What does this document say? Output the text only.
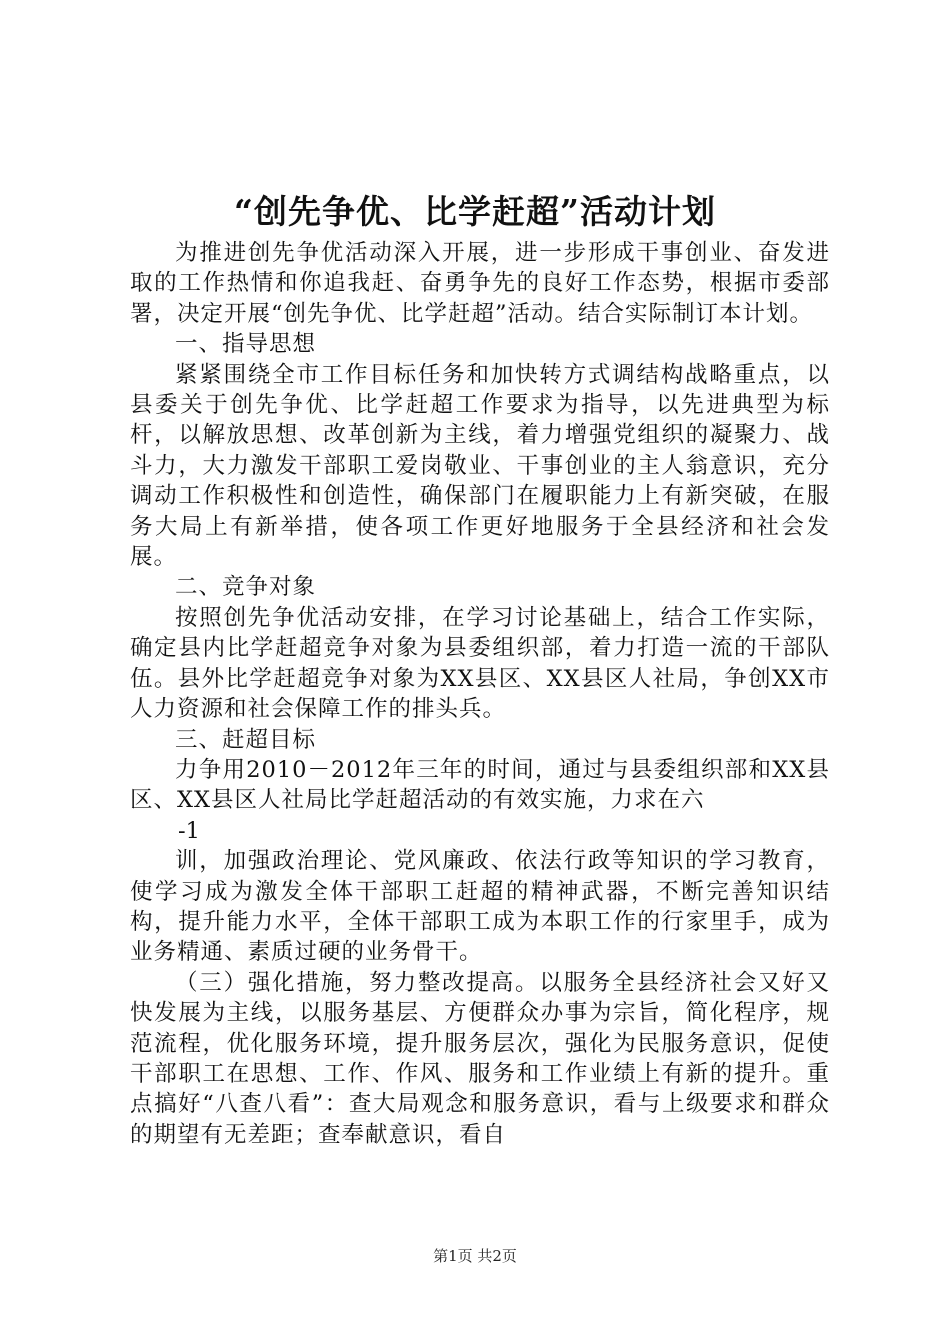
“创先争优、比学赶超”活动计划

为推进创先争优活动深入开展，进一步形成干事创业、奋发进取的工作热情和你追我赶、奋勇争先的良好工作态势，根据市委部署，决定开展“创先争优、比学赶超”活动。结合实际制订本计划。

一、指导思想

紧紧围绕全市工作目标任务和加快转方式调结构战略重点，以县委关于创先争优、比学赶超工作要求为指导，以先进典型为标杆，以解放思想、改革创新为主线，着力增强党组织的凝聚力、战斗力，大力激发干部职工爱岗敬业、干事创业的主人翁意识，充分调动工作积极性和创造性，确保部门在履职能力上有新突破，在服务大局上有新举措，使各项工作更好地服务于全县经济和社会发展。

二、竞争对象

按照创先争优活动安排，在学习讨论基础上，结合工作实际，确定县内比学赶超竞争对象为县委组织部，着力打造一流的干部队伍。县外比学赶超竞争对象为XX县区、XX县区人社局，争创XX市人力资源和社会保障工作的排头兵。

三、赶超目标

力争用2010－2012年三年的时间，通过与县委组织部和XX县区、XX县区人社局比学赶超活动的有效实施，力求在六

-1

训，加强政治理论、党风廉政、依法行政等知识的学习教育，使学习成为激发全体干部职工赶超的精神武器，不断完善知识结构，提升能力水平，全体干部职工成为本职工作的行家里手，成为业务精通、素质过硬的业务骨干。

（三）强化措施，努力整改提高。以服务全县经济社会又好又快发展为主线，以服务基层、方便群众办事为宗旨，简化程序，规范流程，优化服务环境，提升服务层次，强化为民服务意识，促使干部职工在思想、工作、作风、服务和工作业绩上有新的提升。重点搞好“八查八看”：查大局观念和服务意识，看与上级要求和群众的期望有无差距；查奉献意识，看自

第1页 共2页
